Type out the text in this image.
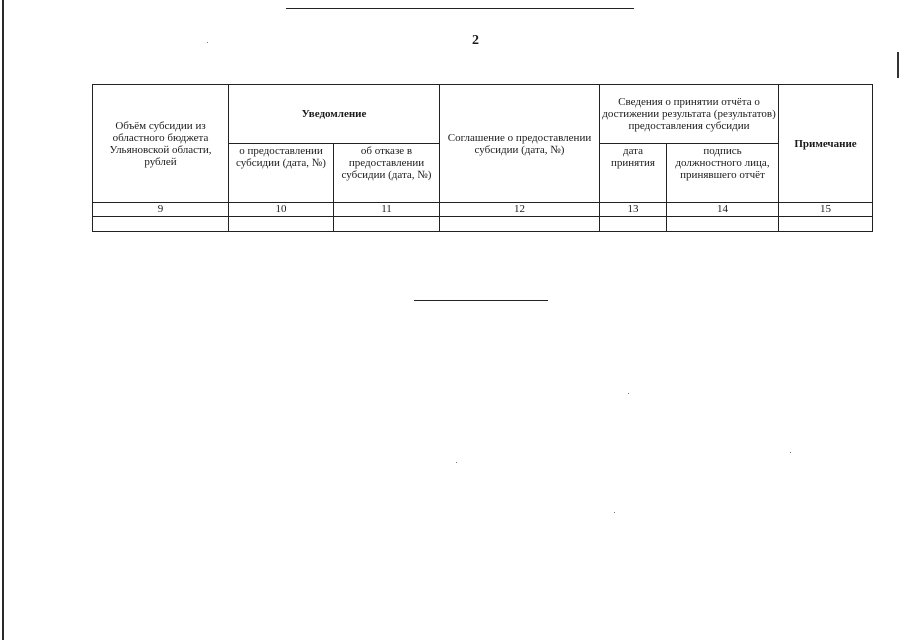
2
Объём субсидии из областного бюджета Ульяновской области, рублей	Уведомление		Соглашение о предоставлении субсидии (дата, №)	Сведения о принятии отчёта о достижении результата (результатов) предоставления субсидии		Примечание
	о предоставлении субсидии (дата, №)	об отказе в предоставлении субсидии (дата, №)		дата принятия	подпись должностного лица, принявшего отчёт	
9	10	11	12	13	14	15
